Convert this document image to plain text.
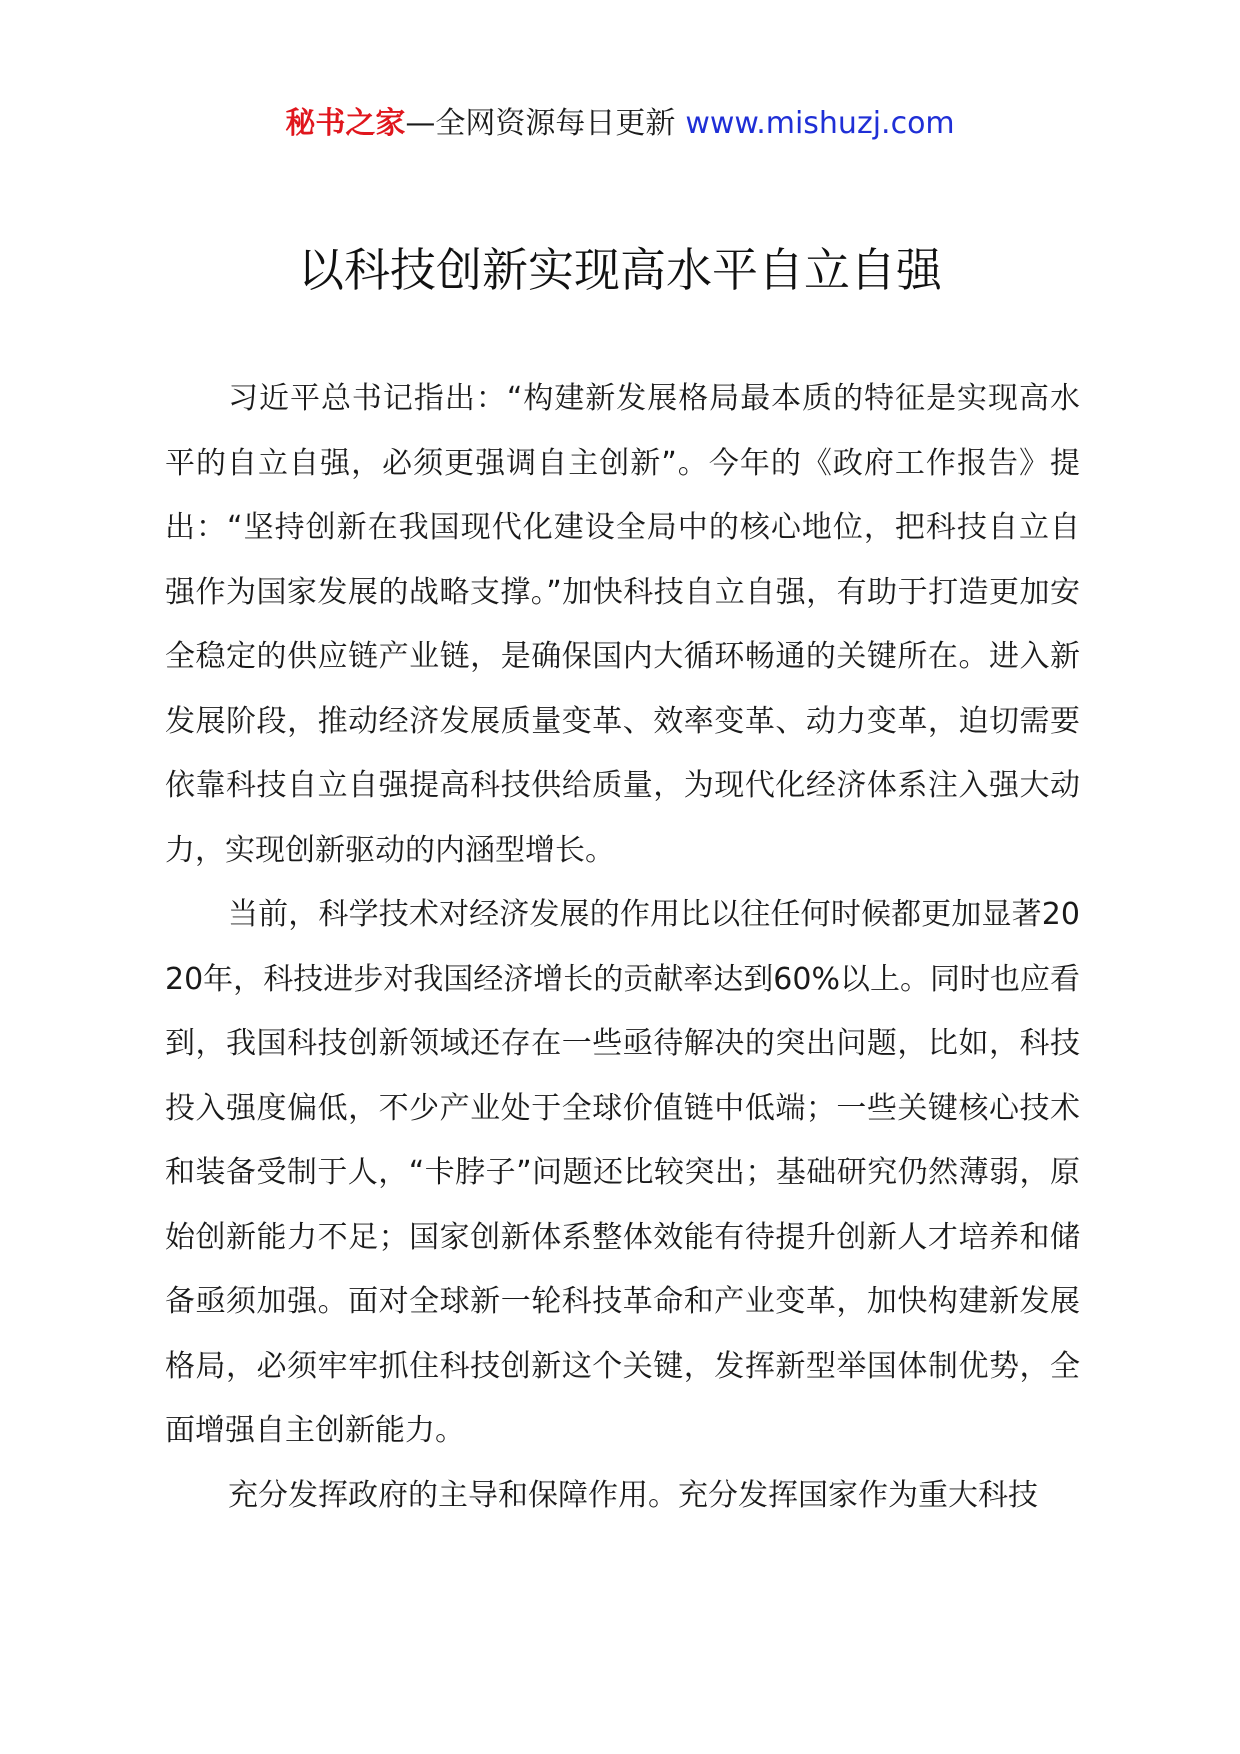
秘书之家—全网资源每日更新 www.mishuzj.com
以科技创新实现高水平自立自强

习近平总书记指出：“构建新发展格局最本质的特征是实现高水平的自立自强，必须更强调自主创新”。今年的《政府工作报告》提出：“坚持创新在我国现代化建设全局中的核心地位，把科技自立自强作为国家发展的战略支撑。”加快科技自立自强，有助于打造更加安全稳定的供应链产业链，是确保国内大循环畅通的关键所在。进入新发展阶段，推动经济发展质量变革、效率变革、动力变革，迫切需要依靠科技自立自强提高科技供给质量，为现代化经济体系注入强大动力，实现创新驱动的内涵型增长。

当前，科学技术对经济发展的作用比以往任何时候都更加显著2020年，科技进步对我国经济增长的贡献率达到60%以上。同时也应看到，我国科技创新领域还存在一些亟待解决的突出问题，比如，科技投入强度偏低，不少产业处于全球价值链中低端；一些关键核心技术和装备受制于人，“卡脖子”问题还比较突出；基础研究仍然薄弱，原始创新能力不足；国家创新体系整体效能有待提升创新人才培养和储备亟须加强。面对全球新一轮科技革命和产业变革，加快构建新发展格局，必须牢牢抓住科技创新这个关键，发挥新型举国体制优势，全面增强自主创新能力。

充分发挥政府的主导和保障作用。充分发挥国家作为重大科技
